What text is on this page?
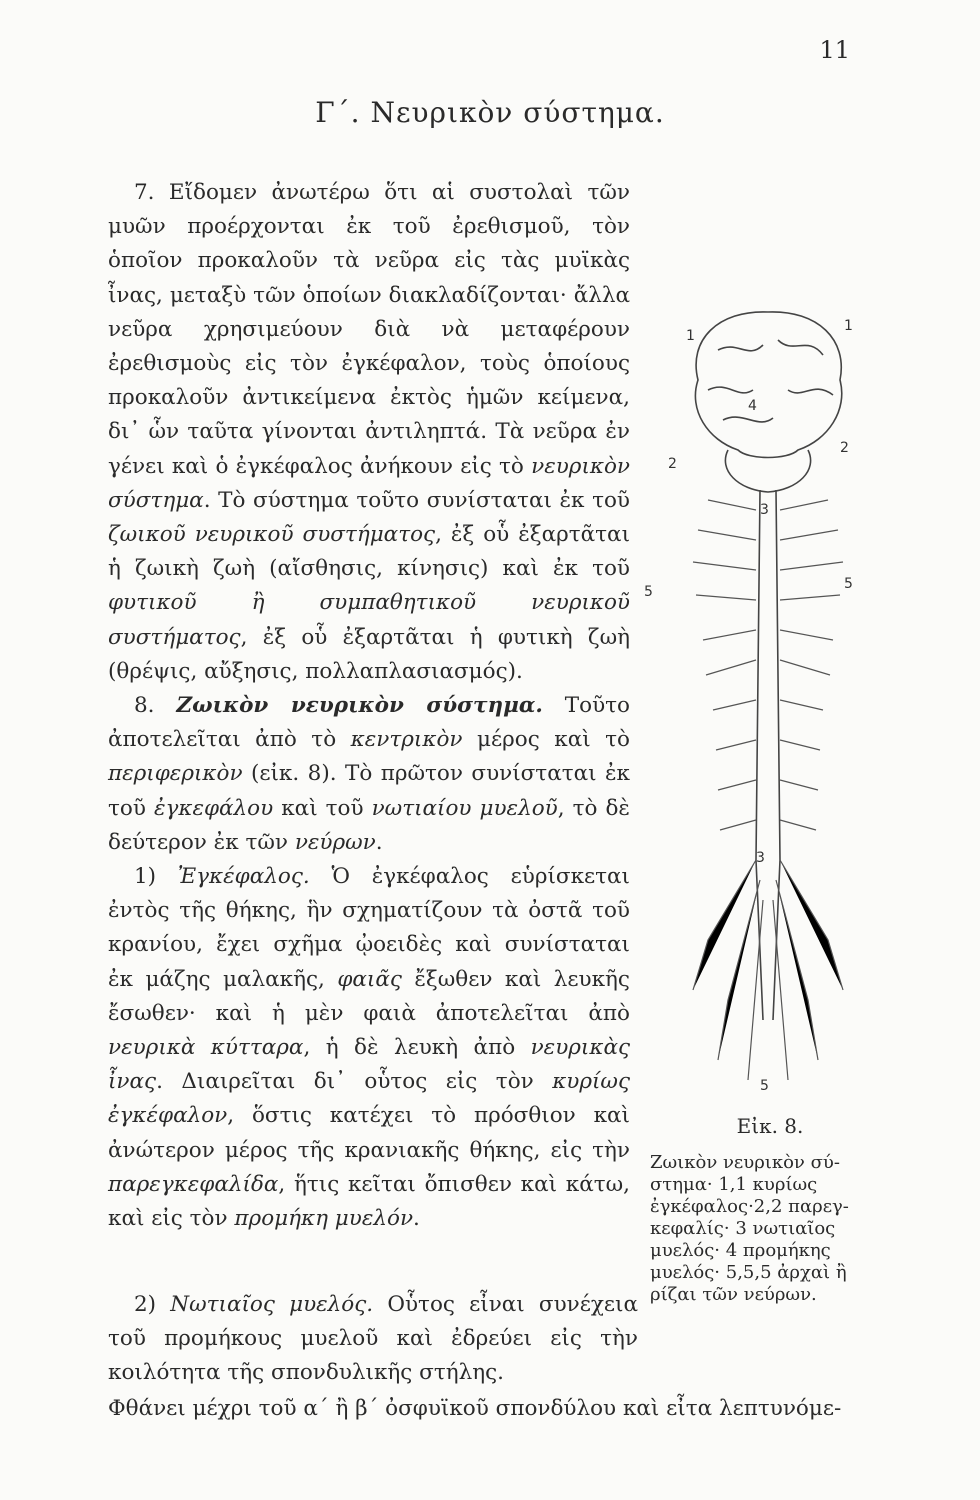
11
Γ΄. Νευρικὸν σύστημα.

7. Εἴδομεν ἀνωτέρω ὅτι αἱ συστολαὶ τῶν μυῶν προέρχονται ἐκ τοῦ ἐρεθισμοῦ, τὸν ὁποῖον προκαλοῦν τὰ νεῦρα εἰς τὰς μυϊκὰς ἶνας, μεταξὺ τῶν ὁποίων διακλαδίζονται· ἄλλα νεῦρα χρησιμεύουν διὰ νὰ μεταφέρουν ἐρεθισμοὺς εἰς τὸν ἐγκέφαλον, τοὺς ὁποίους προκαλοῦν ἀντικείμενα ἐκτὸς ἡμῶν κείμενα, δι᾽ ὧν ταῦτα γίνονται ἀντιληπτά. Τὰ νεῦρα ἐν γένει καὶ ὁ ἐγκέφαλος ἀνήκουν εἰς τὸ νευρικὸν σύστημα. Τὸ σύστημα τοῦτο συνίσταται ἐκ τοῦ ζωικοῦ νευρικοῦ συστήματος, ἐξ οὗ ἐξαρτᾶται ἡ ζωικὴ ζωὴ (αἴσθησις, κίνησις) καὶ ἐκ τοῦ φυτικοῦ ἢ συμπαθητικοῦ νευρικοῦ συστήματος, ἐξ οὗ ἐξαρτᾶται ἡ φυτικὴ ζωὴ (θρέψις, αὔξησις, πολλαπλασιασμός).

8. Ζωικὸν νευρικὸν σύστημα. Τοῦτο ἀποτελεῖται ἀπὸ τὸ κεντρικὸν μέρος καὶ τὸ περιφερικὸν (εἰκ. 8). Τὸ πρῶτον συνίσταται ἐκ τοῦ ἐγκεφάλου καὶ τοῦ νωτιαίου μυελοῦ, τὸ δὲ δεύτερον ἐκ τῶν νεύρων.

1) Ἐγκέφαλος. Ὁ ἐγκέφαλος εὑρίσκεται ἐντὸς τῆς θήκης, ἣν σχηματίζουν τὰ ὀστᾶ τοῦ κρανίου, ἔχει σχῆμα ᾠοειδὲς καὶ συνίσταται ἐκ μάζης μαλακῆς, φαιᾶς ἔξωθεν καὶ λευκῆς ἔσωθεν· καὶ ἡ μὲν φαιὰ ἀποτελεῖται ἀπὸ νευρικὰ κύτταρα, ἡ δὲ λευκὴ ἀπὸ νευρικὰς ἶνας. Διαιρεῖται δι᾽ οὗτος εἰς τὸν κυρίως ἐγκέφαλον, ὅστις κατέχει τὸ πρόσθιον καὶ ἀνώτερον μέρος τῆς κρανιακῆς θήκης, εἰς τὴν παρεγκεφαλίδα, ἥτις κεῖται ὄπισθεν καὶ κάτω, καὶ εἰς τὸν προμήκη μυελόν.

2) Νωτιαῖος μυελός. Οὗτος εἶναι συνέχεια τοῦ προμήκους μυελοῦ καὶ ἐδρεύει εἰς τὴν κοιλότητα τῆς σπονδυλικῆς στήλης.

Φθάνει μέχρι τοῦ α΄ ἢ β΄ ὀσφυϊκοῦ σπονδύλου καὶ εἶτα λεπτυνόμε-

1
1
2
2
3
3
4
5
5
5
Εἰκ. 8.
Ζωικὸν νευρικὸν σύ-
στημα· 1,1 κυρίως
ἐγκέφαλος·2,2 παρεγ-
κεφαλίς· 3 νωτιαῖος
μυελός· 4 προμήκης
μυελός· 5,5,5 ἀρχαὶ ἢ
ρίζαι τῶν νεύρων.
